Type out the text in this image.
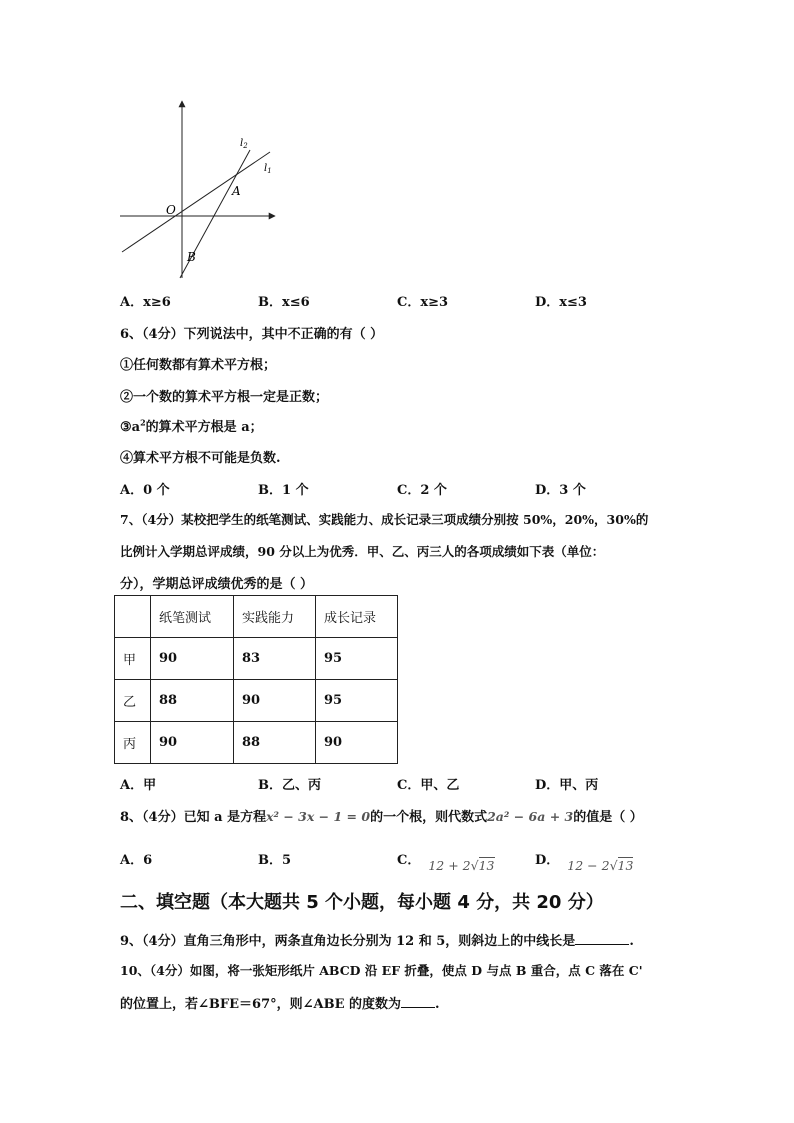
O
A
B
$l_2$
$l_1$
A．x≥6	B．x≤6	C．x≥3	D．x≤3
6、（4分）下列说法中，其中不正确的有（ ）
①任何数都有算术平方根；
②一个数的算术平方根一定是正数；
$③a^2$的算术平方根是 a；
④算术平方根不可能是负数.
A．0 个	B．1 个	C．2 个	D．3 个
7、（4分）某校把学生的纸笔测试、实践能力、成长记录三项成绩分别按 50%，20%，30%的
比例计入学期总评成绩，90 分以上为优秀．甲、乙、丙三人的各项成绩如下表（单位：
分），学期总评成绩优秀的是（ ）
	纸笔测试	实践能力	成长记录
甲	90	83	95
乙	88	90	95
丙	90	88	90
A．甲	B．乙、丙	C．甲、乙	D．甲、丙
8、（4分）已知 a 是方程x² − 3x − 1 = 0的一个根，则代数式2a² − 6a + 3的值是（ ）
A．6	B．5	C． 12 + 2√13	D． 12 − 2√13
二、填空题（本大题共 5 个小题，每小题 4 分，共 20 分）
9、（4分）直角三角形中，两条直角边长分别为 12 和 5，则斜边上的中线长是	.
10、（4分）如图，将一张矩形纸片 ABCD 沿 EF 折叠，使点 D 与点 B 重合，点 C 落在 C'
的位置上，若∠BFE＝67°，则∠ABE 的度数为	.
